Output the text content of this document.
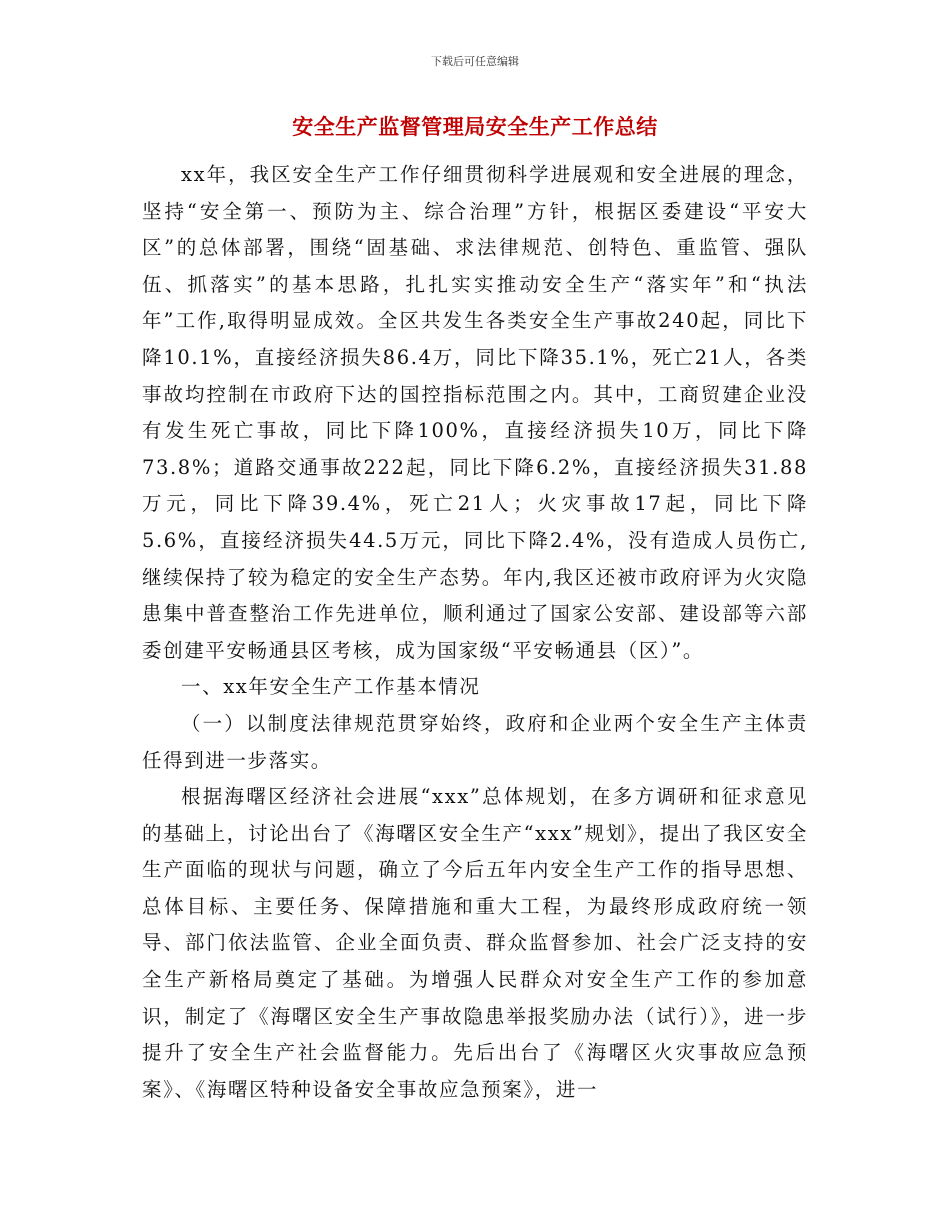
下载后可任意编辑
安全生产监督管理局安全生产工作总结

xx年，我区安全生产工作仔细贯彻科学进展观和安全进展的理念，坚持“安全第一、预防为主、综合治理”方针，根据区委建设“平安大区”的总体部署，围绕“固基础、求法律规范、创特色、重监管、强队伍、抓落实”的基本思路，扎扎实实推动安全生产“落实年”和“执法年”工作,取得明显成效。全区共发生各类安全生产事故240起，同比下降10.1%，直接经济损失86.4万，同比下降35.1%，死亡21人，各类事故均控制在市政府下达的国控指标范围之内。其中，工商贸建企业没有发生死亡事故，同比下降100%，直接经济损失10万，同比下降73.8%；道路交通事故222起，同比下降6.2%，直接经济损失31.88万元，同比下降39.4%，死亡21人；火灾事故17起，同比下降5.6%，直接经济损失44.5万元，同比下降2.4%，没有造成人员伤亡,继续保持了较为稳定的安全生产态势。年内,我区还被市政府评为火灾隐患集中普查整治工作先进单位，顺利通过了国家公安部、建设部等六部委创建平安畅通县区考核，成为国家级“平安畅通县（区）”。

一、xx年安全生产工作基本情况

（一）以制度法律规范贯穿始终，政府和企业两个安全生产主体责任得到进一步落实。

根据海曙区经济社会进展“xxx”总体规划，在多方调研和征求意见的基础上，讨论出台了《海曙区安全生产“xxx”规划》，提出了我区安全生产面临的现状与问题，确立了今后五年内安全生产工作的指导思想、总体目标、主要任务、保障措施和重大工程，为最终形成政府统一领导、部门依法监管、企业全面负责、群众监督参加、社会广泛支持的安全生产新格局奠定了基础。为增强人民群众对安全生产工作的参加意识，制定了《海曙区安全生产事故隐患举报奖励办法（试行）》，进一步提升了安全生产社会监督能力。先后出台了《海曙区火灾事故应急预案》、《海曙区特种设备安全事故应急预案》，进一
